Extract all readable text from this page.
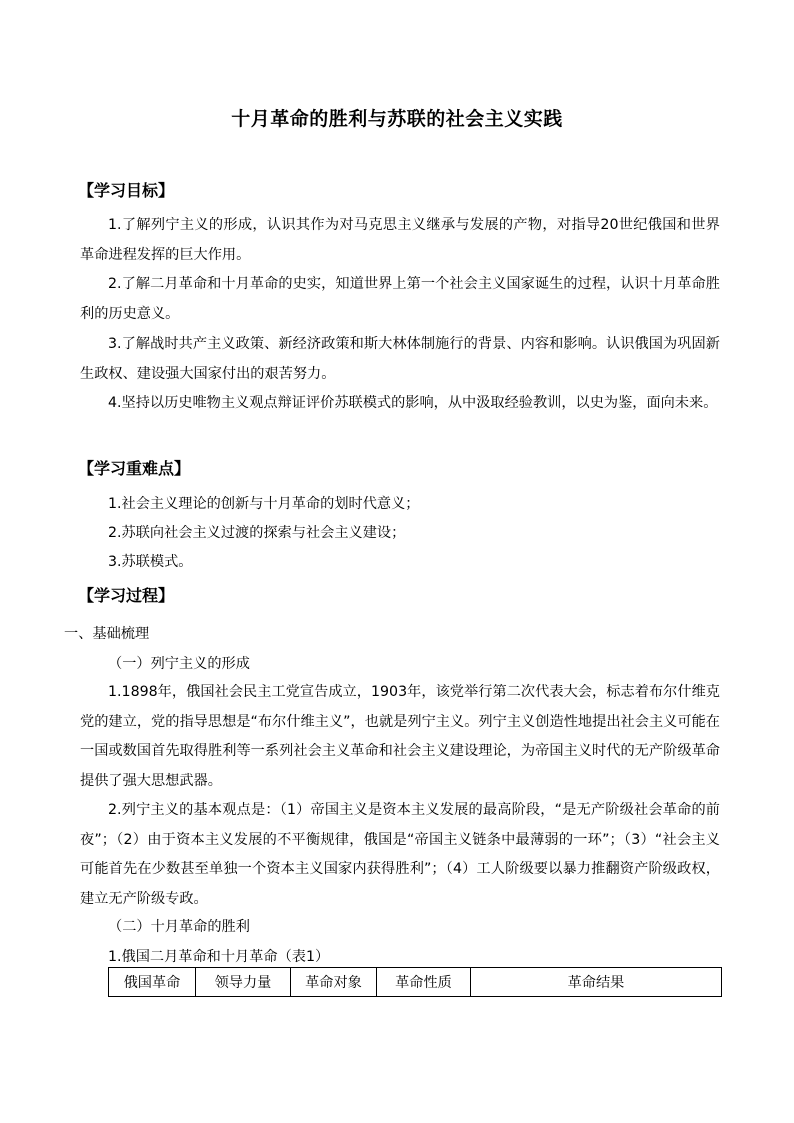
十月革命的胜利与苏联的社会主义实践
【学习目标】
1.了解列宁主义的形成，认识其作为对马克思主义继承与发展的产物，对指导20世纪俄国和世界革命进程发挥的巨大作用。
2.了解二月革命和十月革命的史实，知道世界上第一个社会主义国家诞生的过程，认识十月革命胜利的历史意义。
3.了解战时共产主义政策、新经济政策和斯大林体制施行的背景、内容和影响。认识俄国为巩固新生政权、建设强大国家付出的艰苦努力。
4.坚持以历史唯物主义观点辩证评价苏联模式的影响，从中汲取经验教训，以史为鉴，面向未来。
【学习重难点】
1.社会主义理论的创新与十月革命的划时代意义；
2.苏联向社会主义过渡的探索与社会主义建设；
3.苏联模式。
【学习过程】
一、基础梳理
（一）列宁主义的形成
1.1898年，俄国社会民主工党宣告成立，1903年，该党举行第二次代表大会，标志着布尔什维克党的建立，党的指导思想是“布尔什维主义”，也就是列宁主义。列宁主义创造性地提出社会主义可能在一国或数国首先取得胜利等一系列社会主义革命和社会主义建设理论，为帝国主义时代的无产阶级革命提供了强大思想武器。
2.列宁主义的基本观点是：（1）帝国主义是资本主义发展的最高阶段，“是无产阶级社会革命的前夜”；（2）由于资本主义发展的不平衡规律，俄国是“帝国主义链条中最薄弱的一环”；（3）“社会主义可能首先在少数甚至单独一个资本主义国家内获得胜利”；（4）工人阶级要以暴力推翻资产阶级政权，建立无产阶级专政。
（二）十月革命的胜利
1.俄国二月革命和十月革命（表1）
俄国革命	领导力量	革命对象	革命性质	革命结果
